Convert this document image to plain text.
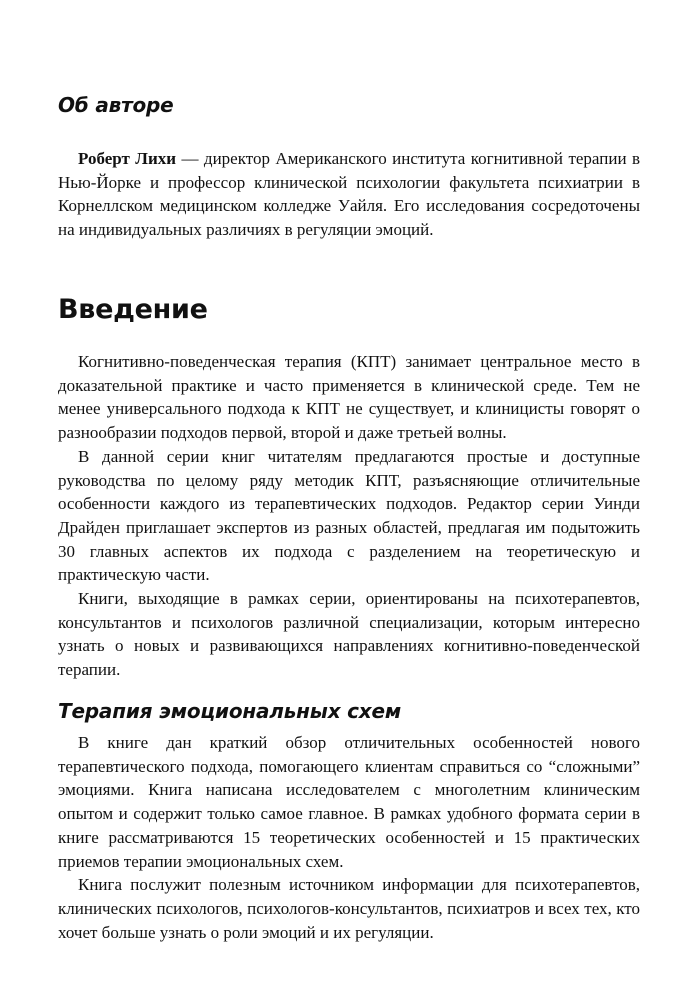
Об авторе

Роберт Лихи — директор Американского института когнитивной терапии в Нью-Йорке и профессор клинической психологии факультета психиатрии в Корнеллском медицинском колледже Уайля. Его исследования сосредоточены на индивидуальных различиях в регуляции эмоций.

Введение

Когнитивно-поведенческая терапия (КПТ) занимает центральное место в доказательной практике и часто применяется в клинической среде. Тем не менее универсального подхода к КПТ не существует, и клиницисты говорят о разнообразии подходов первой, второй и даже третьей волны.

В данной серии книг читателям предлагаются простые и доступные руководства по целому ряду методик КПТ, разъясняющие отличительные особенности каждого из терапевтических подходов. Редактор серии Уинди Драйден приглашает экспертов из разных областей, предлагая им подытожить 30 главных аспектов их подхода с разделением на теоретическую и практическую части.

Книги, выходящие в рамках серии, ориентированы на психотерапевтов, консультантов и психологов различной специализации, которым интересно узнать о новых и развивающихся направлениях когнитивно-поведенческой терапии.

Терапия эмоциональных схем

В книге дан краткий обзор отличительных особенностей нового терапевтического подхода, помогающего клиентам справиться со “сложными” эмоциями. Книга написана исследователем с многолетним клиническим опытом и содержит только самое главное. В рамках удобного формата серии в книге рассматриваются 15 теоретических особенностей и 15 практических приемов терапии эмоциональных схем.

Книга послужит полезным источником информации для психотерапевтов, клинических психологов, психологов-консультантов, психиатров и всех тех, кто хочет больше узнать о роли эмоций и их регуляции.
